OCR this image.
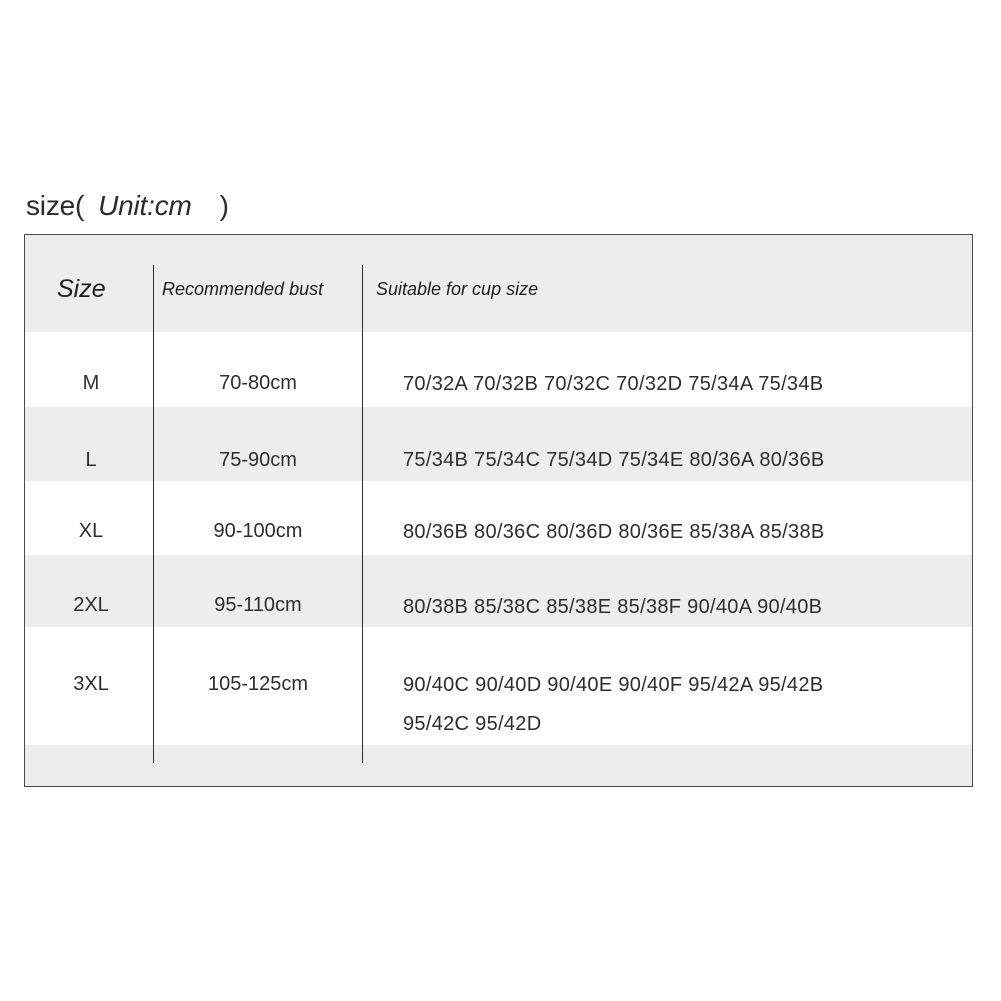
size( Unit:cm )
Size	Recommended bust	Suitable for cup size
M	70-80cm	70/32A 70/32B 70/32C 70/32D 75/34A 75/34B
L	75-90cm	75/34B 75/34C 75/34D 75/34E 80/36A 80/36B
XL	90-100cm	80/36B 80/36C 80/36D 80/36E 85/38A 85/38B
2XL	95-110cm	80/38B 85/38C 85/38E 85/38F 90/40A 90/40B
3XL	105-125cm	90/40C 90/40D 90/40E 90/40F 95/42A 95/42B
95/42C 95/42D
